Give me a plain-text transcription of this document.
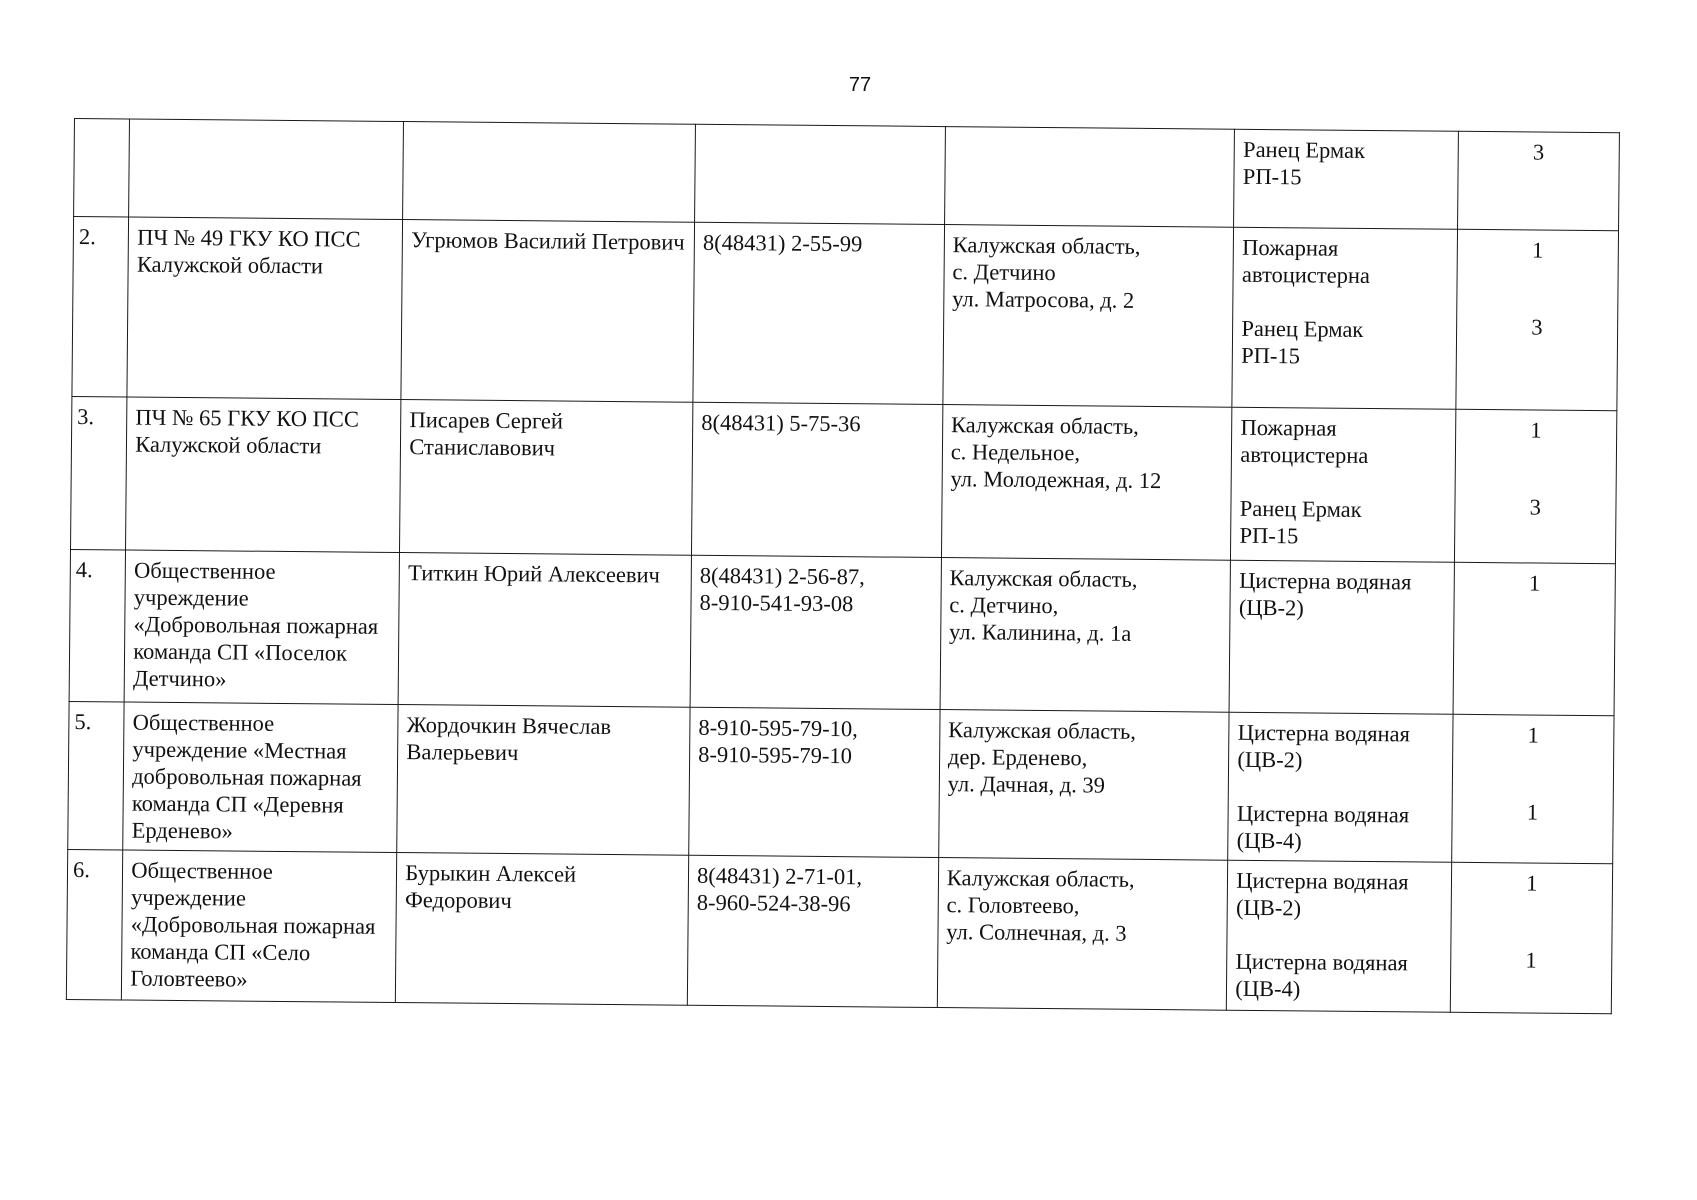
77

					Ранец Ермак
РП-15	3

2.	ПЧ № 49 ГКУ КО ПСС Калужской области	Угрюмов Василий Петрович	8(48431) 2-55-99	Калужская область,
с. Детчино
ул. Матросова, д. 2	Пожарная
автоцистерна
Ранец Ермак
РП-15	1
3

3.	ПЧ № 65 ГКУ КО ПСС Калужской области	Писарев Сергей Станиславович	8(48431) 5-75-36	Калужская область,
с. Недельное,
ул. Молодежная, д. 12	Пожарная
автоцистерна
Ранец Ермак
РП-15	1
3

4.	Общественное учреждение «Добровольная пожарная команда СП «Поселок Детчино»	Титкин Юрий Алексеевич	8(48431) 2-56-87,
8-910-541-93-08	Калужская область,
с. Детчино,
ул. Калинина, д. 1а	Цистерна водяная
(ЦВ-2)	1

5.	Общественное учреждение «Местная добровольная пожарная команда СП «Деревня Ерденево»	Жордочкин Вячеслав Валерьевич	8-910-595-79-10,
8-910-595-79-10	Калужская область,
дер. Ерденево,
ул. Дачная, д. 39	Цистерна водяная
(ЦВ-2)
Цистерна водяная
(ЦВ-4)	1
1

6.	Общественное учреждение «Добровольная пожарная команда СП «Село Головтеево»	Бурыкин Алексей Федорович	8(48431) 2-71-01,
8-960-524-38-96	Калужская область,
с. Головтеево,
ул. Солнечная, д. 3	Цистерна водяная
(ЦВ-2)
Цистерна водяная
(ЦВ-4)	1
1
